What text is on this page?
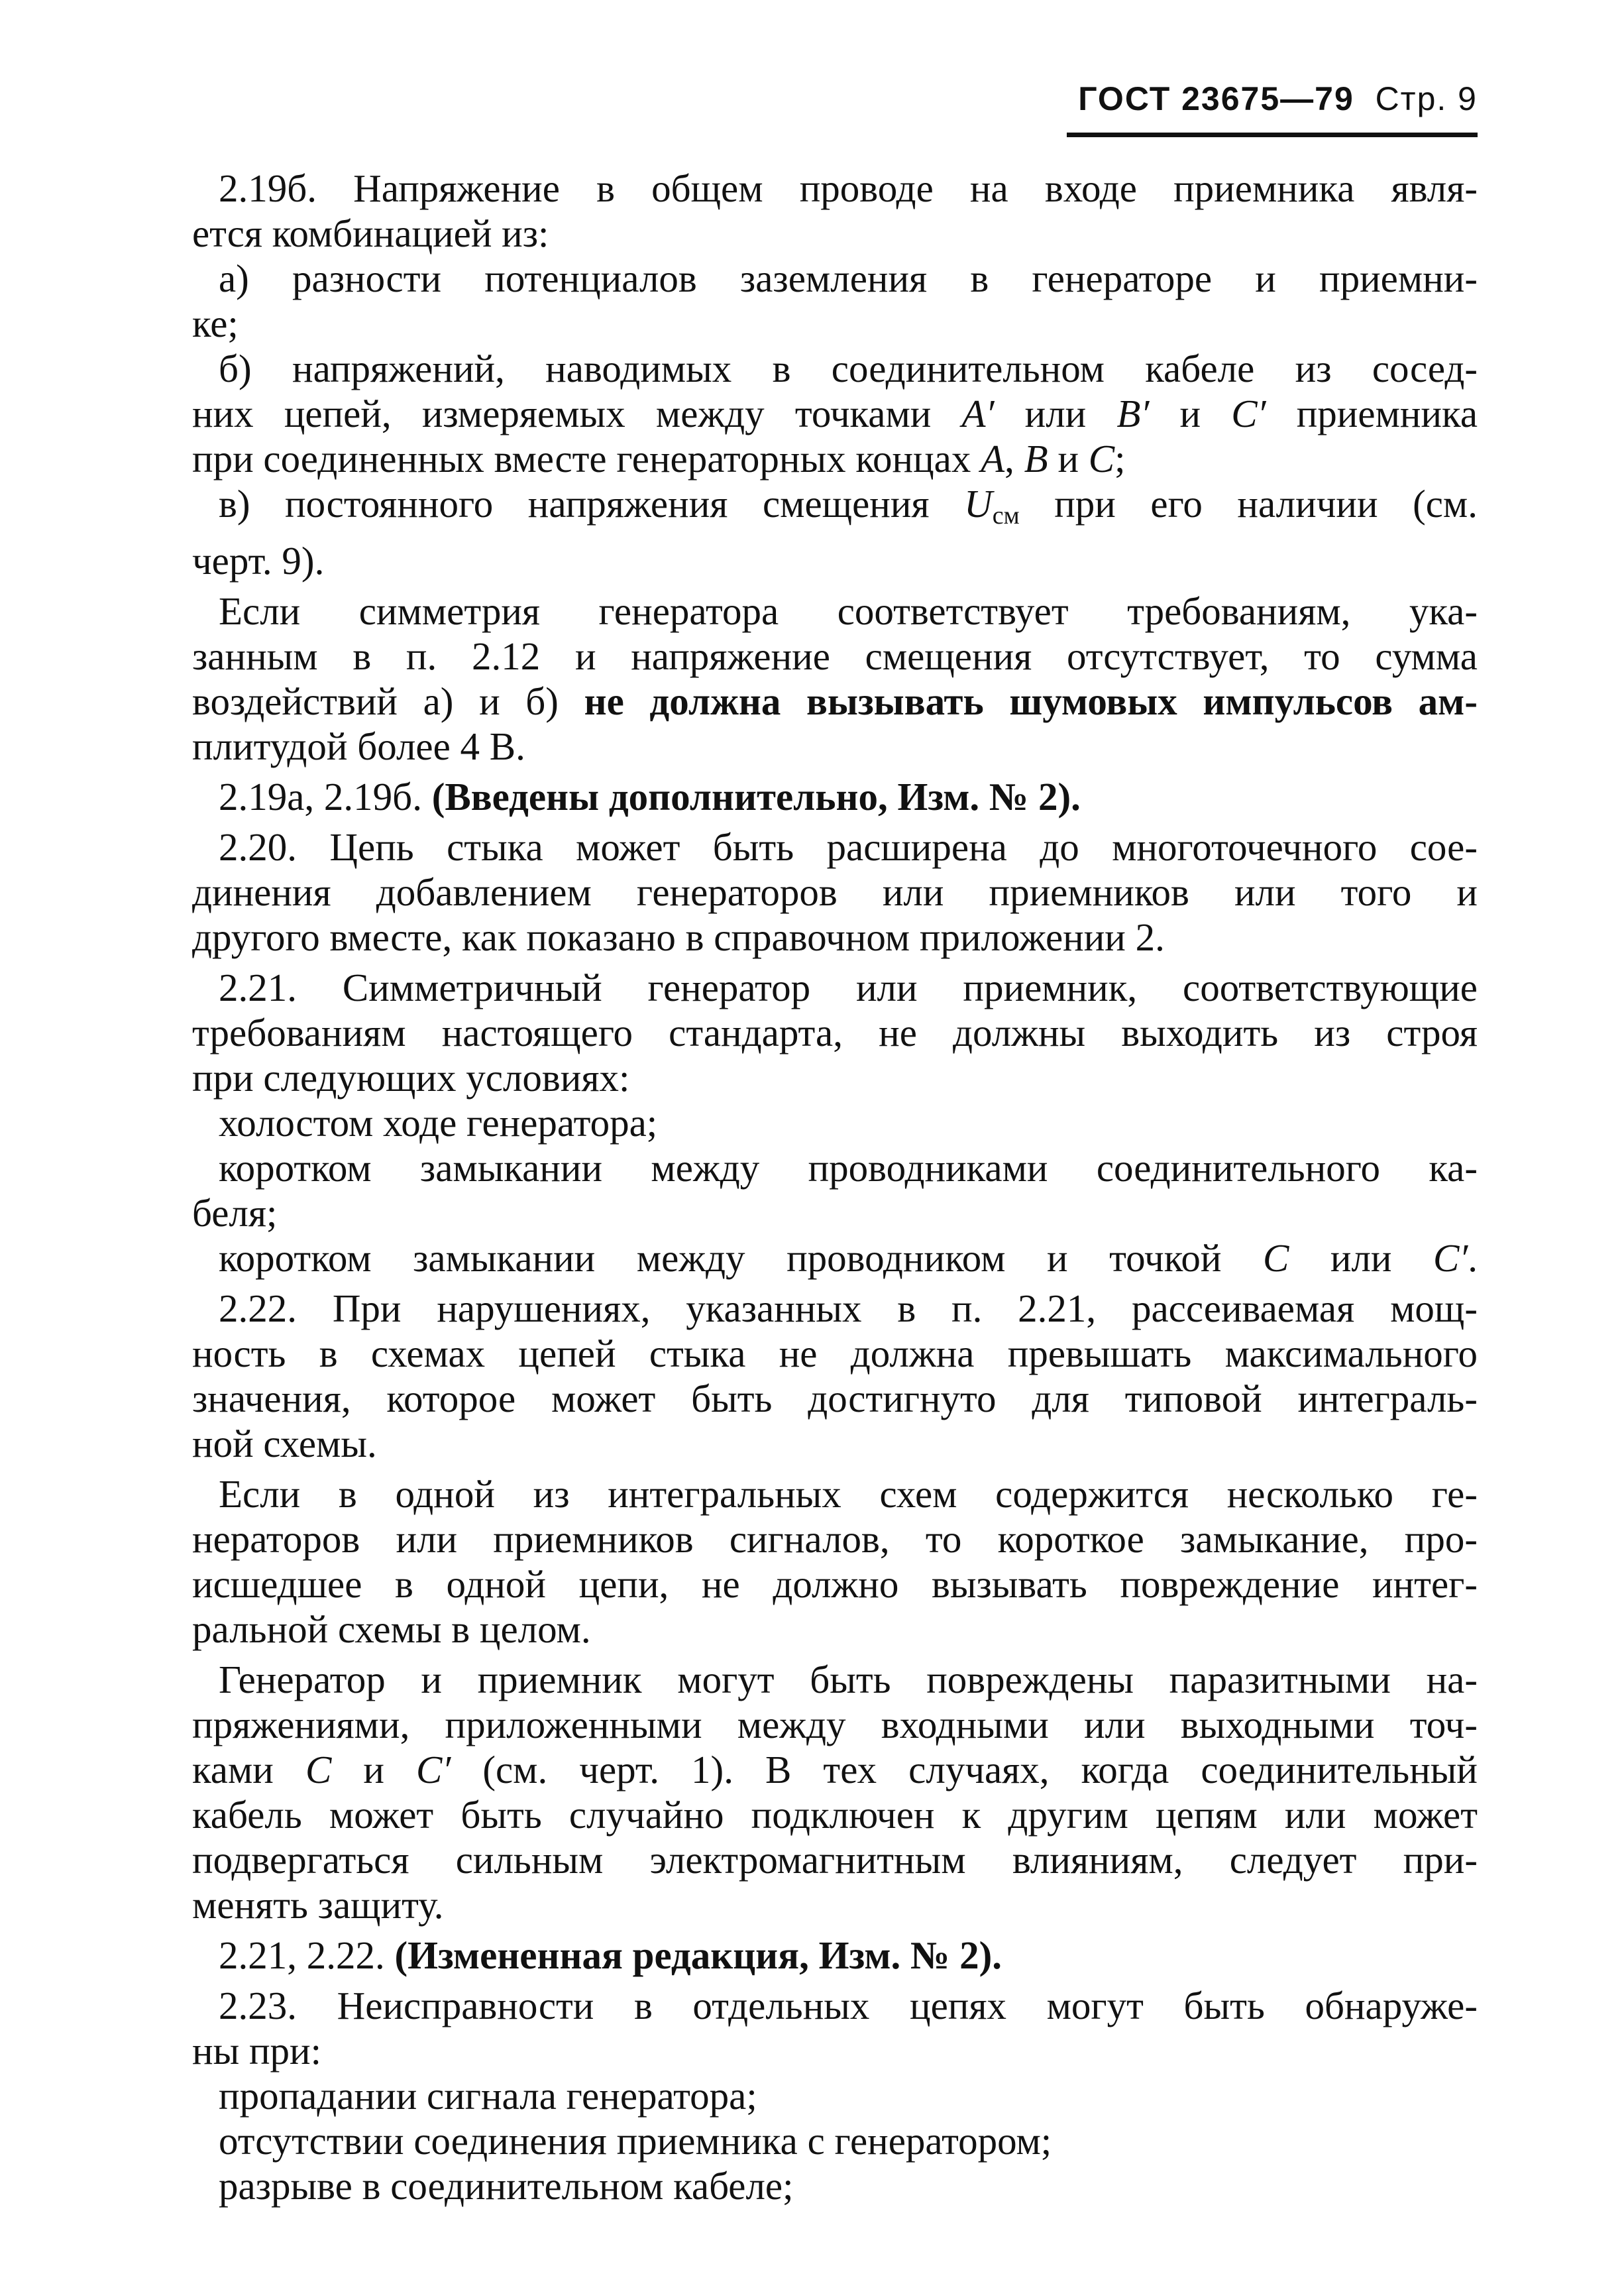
ГОСТ 23675—79 Стр. 9
2.19б. Напряжение в общем проводе на входе приемника явля-
ется комбинацией из:
а) разности потенциалов заземления в генераторе и приемни-
ке;
б) напряжений, наводимых в соединительном кабеле из сосед-
них цепей, измеряемых между точками A′ или B′ и C′ приемника
при соединенных вместе генераторных концах A, B и C;
в) постоянного напряжения смещения $U_{см}$ при его наличии (см.
черт. 9).
Если симметрия генератора соответствует требованиям, ука-
занным в п. 2.12 и напряжение смещения отсутствует, то сумма
воздействий а) и б) не должна вызывать шумовых импульсов ам-
плитудой более 4 В.
2.19а, 2.19б. (Введены дополнительно, Изм. № 2).
2.20. Цепь стыка может быть расширена до многоточечного сое-
динения добавлением генераторов или приемников или того и
другого вместе, как показано в справочном приложении 2.
2.21. Симметричный генератор или приемник, соответствующие
требованиям настоящего стандарта, не должны выходить из строя
при следующих условиях:
холостом ходе генератора;
коротком замыкании между проводниками соединительного ка-
беля;
коротком замыкании между проводником и точкой C или C′.
2.22. При нарушениях, указанных в п. 2.21, рассеиваемая мощ-
ность в схемах цепей стыка не должна превышать максимального
значения, которое может быть достигнуто для типовой интеграль-
ной схемы.
Если в одной из интегральных схем содержится несколько ге-
нераторов или приемников сигналов, то короткое замыкание, про-
исшедшее в одной цепи, не должно вызывать повреждение интег-
ральной схемы в целом.
Генератор и приемник могут быть повреждены паразитными на-
пряжениями, приложенными между входными или выходными точ-
ками C и C′ (см. черт. 1). В тех случаях, когда соединительный
кабель может быть случайно подключен к другим цепям или может
подвергаться сильным электромагнитным влияниям, следует при-
менять защиту.
2.21, 2.22. (Измененная редакция, Изм. № 2).
2.23. Неисправности в отдельных цепях могут быть обнаруже-
ны при:
пропадании сигнала генератора;
отсутствии соединения приемника с генератором;
разрыве в соединительном кабеле;
